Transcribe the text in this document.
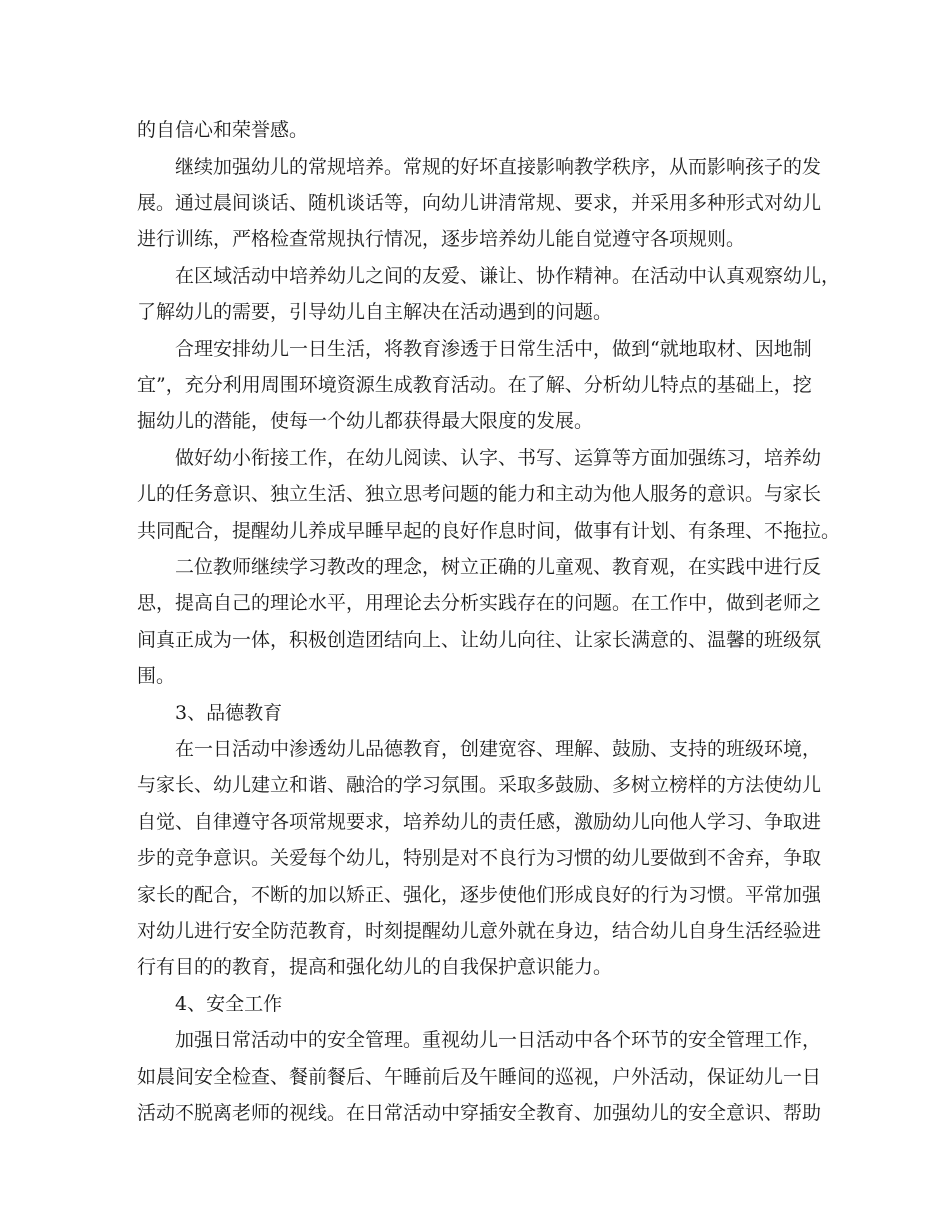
的自信心和荣誉感。
继续加强幼儿的常规培养。常规的好坏直接影响教学秩序，从而影响孩子的发
展。通过晨间谈话、随机谈话等，向幼儿讲清常规、要求，并采用多种形式对幼儿
进行训练，严格检查常规执行情况，逐步培养幼儿能自觉遵守各项规则。
在区域活动中培养幼儿之间的友爱、谦让、协作精神。在活动中认真观察幼儿，
了解幼儿的需要，引导幼儿自主解决在活动遇到的问题。
合理安排幼儿一日生活，将教育渗透于日常生活中，做到“就地取材、因地制
宜”，充分利用周围环境资源生成教育活动。在了解、分析幼儿特点的基础上，挖
掘幼儿的潜能，使每一个幼儿都获得最大限度的发展。
做好幼小衔接工作，在幼儿阅读、认字、书写、运算等方面加强练习，培养幼
儿的任务意识、独立生活、独立思考问题的能力和主动为他人服务的意识。与家长
共同配合，提醒幼儿养成早睡早起的良好作息时间，做事有计划、有条理、不拖拉。
二位教师继续学习教改的理念，树立正确的儿童观、教育观，在实践中进行反
思，提高自己的理论水平，用理论去分析实践存在的问题。在工作中，做到老师之
间真正成为一体，积极创造团结向上、让幼儿向往、让家长满意的、温馨的班级氛
围。
3、品德教育
在一日活动中渗透幼儿品德教育，创建宽容、理解、鼓励、支持的班级环境，
与家长、幼儿建立和谐、融洽的学习氛围。采取多鼓励、多树立榜样的方法使幼儿
自觉、自律遵守各项常规要求，培养幼儿的责任感，激励幼儿向他人学习、争取进
步的竞争意识。关爱每个幼儿，特别是对不良行为习惯的幼儿要做到不舍弃，争取
家长的配合，不断的加以矫正、强化，逐步使他们形成良好的行为习惯。平常加强
对幼儿进行安全防范教育，时刻提醒幼儿意外就在身边，结合幼儿自身生活经验进
行有目的的教育，提高和强化幼儿的自我保护意识能力。
4、安全工作
加强日常活动中的安全管理。重视幼儿一日活动中各个环节的安全管理工作，
如晨间安全检查、餐前餐后、午睡前后及午睡间的巡视，户外活动，保证幼儿一日
活动不脱离老师的视线。在日常活动中穿插安全教育、加强幼儿的安全意识、帮助
